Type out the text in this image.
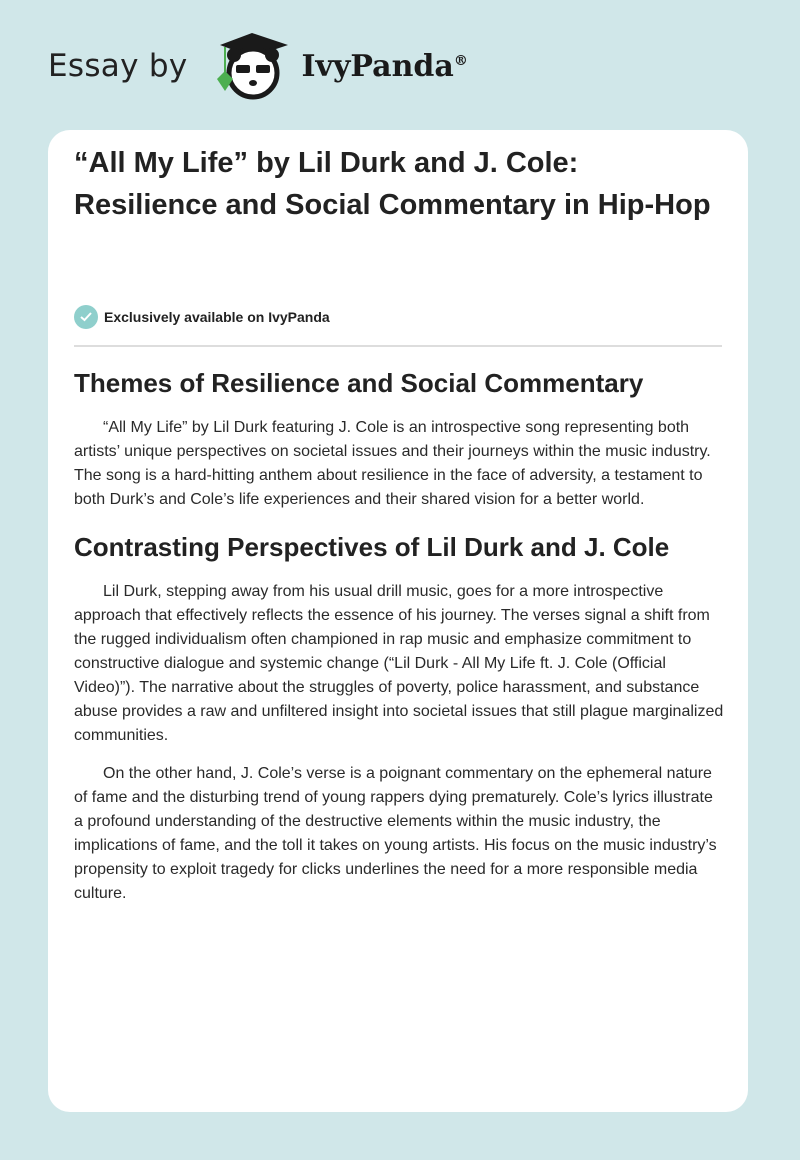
Essay by	IvyPanda®
“All My Life” by Lil Durk and J. Cole: Resilience and Social Commentary in Hip-Hop
Exclusively available on IvyPanda
Themes of Resilience and Social Commentary

“All My Life” by Lil Durk featuring J. Cole is an introspective song representing both artists’ unique perspectives on societal issues and their journeys within the music industry. The song is a hard-hitting anthem about resilience in the face of adversity, a testament to both Durk’s and Cole’s life experiences and their shared vision for a better world.

Contrasting Perspectives of Lil Durk and J. Cole

Lil Durk, stepping away from his usual drill music, goes for a more introspective approach that effectively reflects the essence of his journey. The verses signal a shift from the rugged individualism often championed in rap music and emphasize commitment to constructive dialogue and systemic change (“Lil Durk - All My Life ft. J. Cole (Official Video)”). The narrative about the struggles of poverty, police harassment, and substance abuse provides a raw and unfiltered insight into societal issues that still plague marginalized communities.

On the other hand, J. Cole’s verse is a poignant commentary on the ephemeral nature of fame and the disturbing trend of young rappers dying prematurely. Cole’s lyrics illustrate a profound understanding of the destructive elements within the music industry, the implications of fame, and the toll it takes on young artists. His focus on the music industry’s propensity to exploit tragedy for clicks underlines the need for a more responsible media culture.
